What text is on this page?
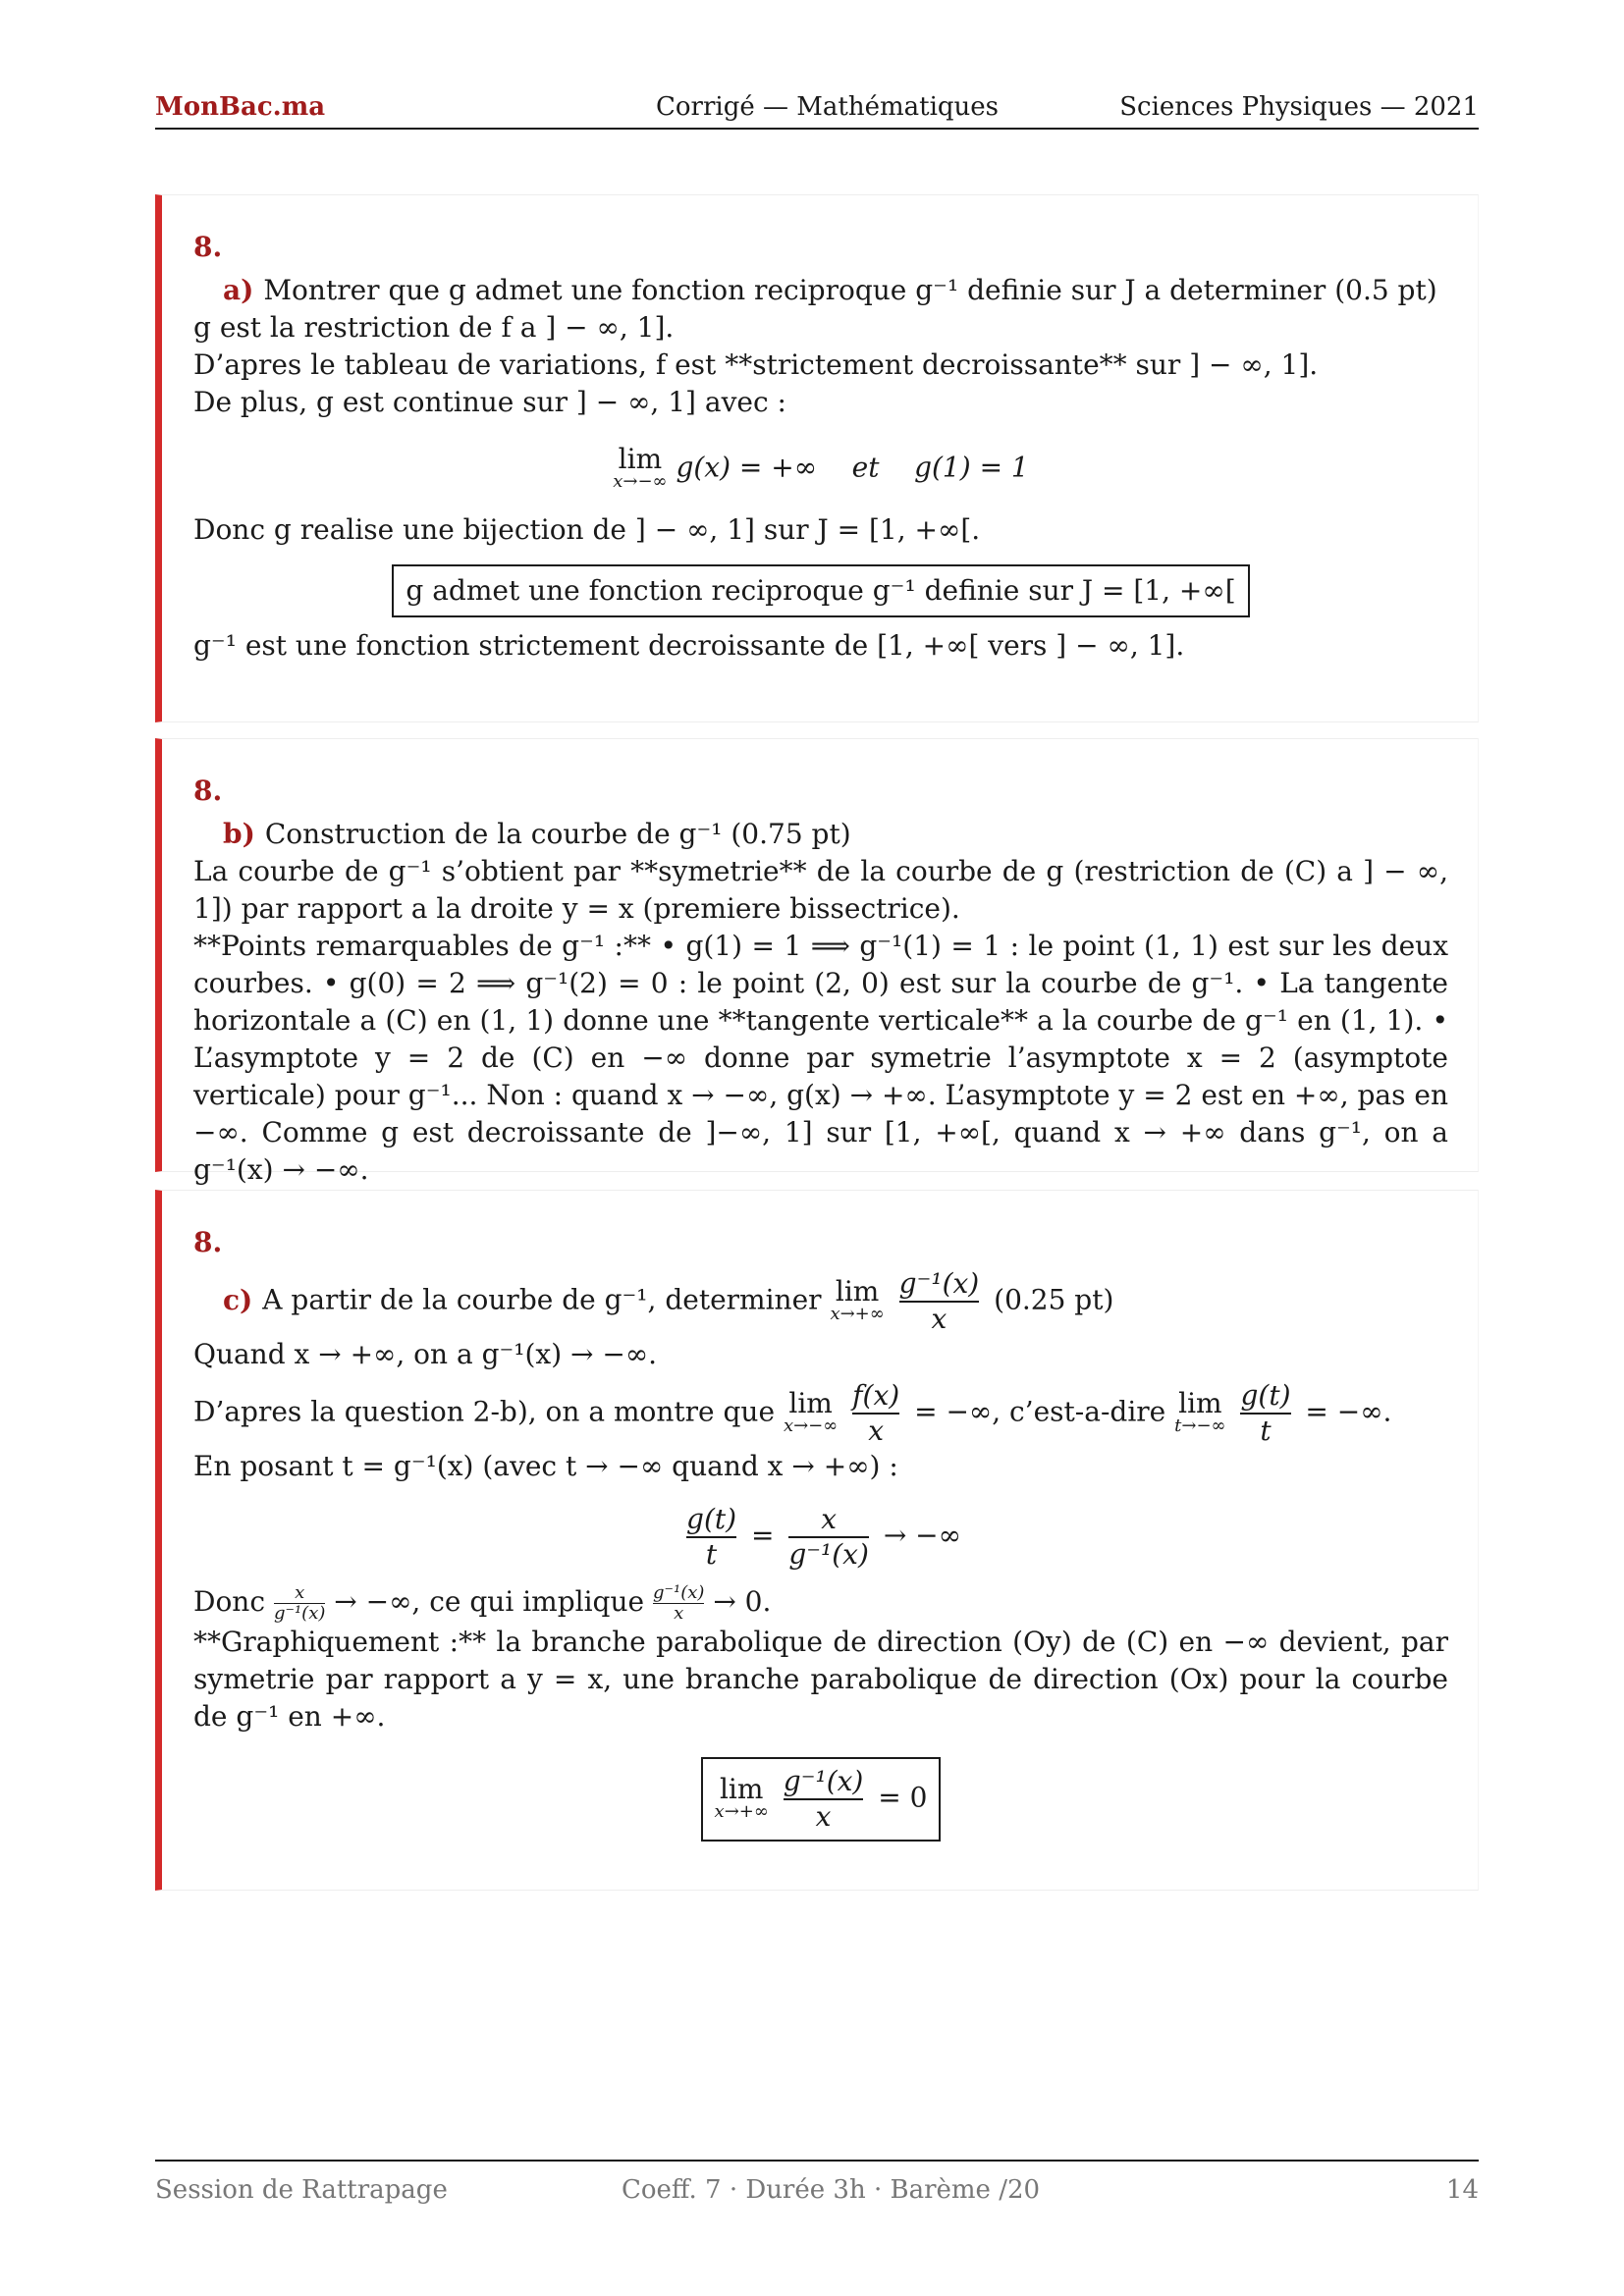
MonBac.ma	Corrigé — Mathématiques	Sciences Physiques — 2021
8.
a) Montrer que g admet une fonction reciproque g⁻¹ definie sur J a determiner (0.5 pt)
g est la restriction de f a ] − ∞, 1].
D’apres le tableau de variations, f est **strictement decroissante** sur ] − ∞, 1].
De plus, g est continue sur ] − ∞, 1] avec :
lim
x→−∞ g(x) = +∞    et    g(1) = 1
Donc g realise une bijection de ] − ∞, 1] sur J = [1, +∞[.
g admet une fonction reciproque g⁻¹ definie sur J = [1, +∞[
g⁻¹ est une fonction strictement decroissante de [1, +∞[ vers ] − ∞, 1].
8.
b) Construction de la courbe de g⁻¹ (0.75 pt)
La courbe de g⁻¹ s’obtient par **symetrie** de la courbe de g (restriction de (C) a ] − ∞, 1]) par rapport a la droite y = x (premiere bissectrice).
**Points remarquables de g⁻¹ :** • g(1) = 1 ⟹ g⁻¹(1) = 1 : le point (1, 1) est sur les deux courbes. • g(0) = 2 ⟹ g⁻¹(2) = 0 : le point (2, 0) est sur la courbe de g⁻¹. • La tangente horizontale a (C) en (1, 1) donne une **tangente verticale** a la courbe de g⁻¹ en (1, 1). • L’asymptote y = 2 de (C) en −∞ donne par symetrie l’asymptote x = 2 (asymptote verticale) pour g⁻¹... Non : quand x → −∞, g(x) → +∞. L’asymptote y = 2 est en +∞, pas en −∞. Comme g est decroissante de ]−∞, 1] sur [1, +∞[, quand x → +∞ dans g⁻¹, on a g⁻¹(x) → −∞.
8.
c) A partir de la courbe de g⁻¹, determiner lim
x→+∞
$\frac{\text{g⁻¹(x)}}{x} (0.25$ pt)
Quand x → +∞, on a g⁻¹(x) → −∞.
D’apres la question 2-b), on a montre que lim
x→−∞
$\frac{f(x)}{x}$ = −∞, c’est-a-dire lim
t→−∞
$\frac{g(t)}{t}$ = −∞.
En posant t = g⁻¹(x) (avec t → −∞ quand x → +∞) :
$\frac{g(t)}{t} = \frac{x}{\text{g⁻¹(x)}}$ → −∞
Donc $\frac{x}{\text{g⁻¹(x)}}$ → −∞, ce qui implique $\frac{\text{g⁻¹(x)}}{x} \to 0$.
**Graphiquement :** la branche parabolique de direction (Oy) de (C) en −∞ devient, par symetrie par rapport a y = x, une branche parabolique de direction (Ox) pour la courbe de g⁻¹ en +∞.
lim
x→+∞
$\frac{\text{g⁻¹(x)}}{x} = 0$
Session de Rattrapage	Coeff. 7 · Durée 3h · Barème /20	14
